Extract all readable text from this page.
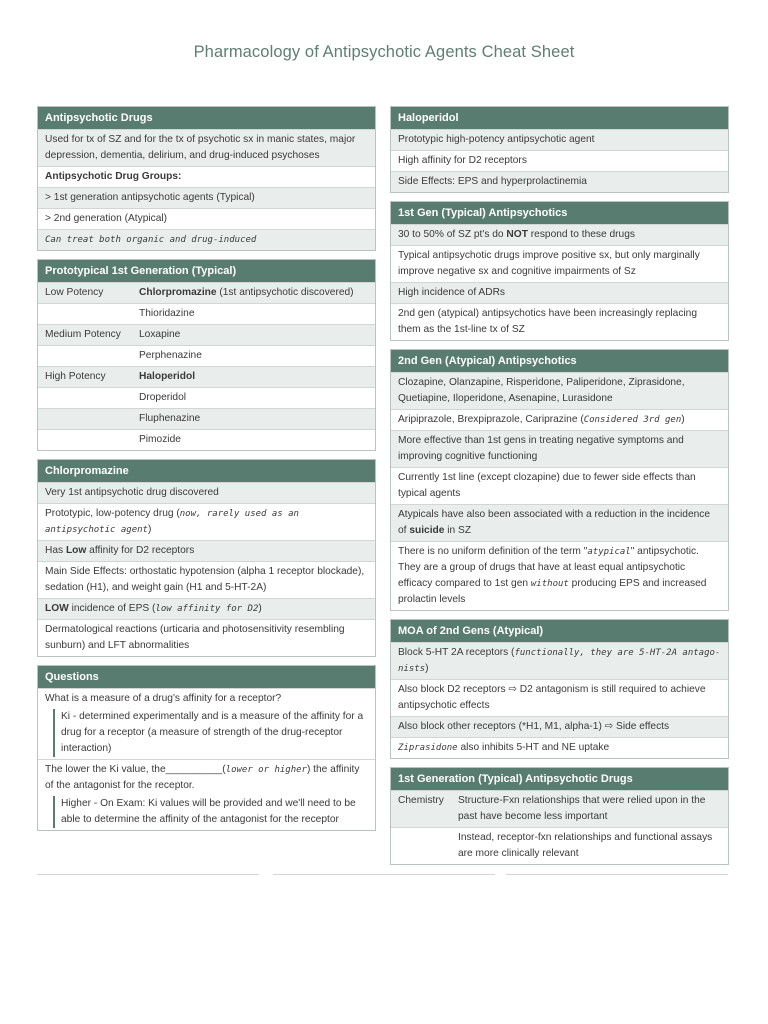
Pharmacology of Antipsychotic Agents Cheat Sheet
Antipsychotic Drugs
Used for tx of SZ and for the tx of psychotic sx in manic states, major depression, dementia, delirium, and drug-induced psychoses
Antipsychotic Drug Groups:
> 1st generation antipsychotic agents (Typical)
> 2nd generation (Atypical)
Can treat both organic and drug-induced
Prototypical 1st Generation (Typical)
Low Potency	Chlorpromazine (1st antipsychotic discovered)
Thioridazine
Medium Potency	Loxapine
Perphenazine
High Potency	Haloperidol
Droperidol
Fluphenazine
Pimozide
Chlorpromazine
Very 1st antipsychotic drug discovered
Prototypic, low-potency drug (now, rarely used as an antipsychotic agent)
Has Low affinity for D2 receptors
Main Side Effects: orthostatic hypotension (alpha 1 receptor blockade), sedation (H1), and weight gain (H1 and 5-HT-2A)
LOW incidence of EPS (low affinity for D2)
Dermatological reactions (urticaria and photosensitivity resembling sunburn) and LFT abnormalities
Questions
What is a measure of a drug's affinity for a receptor?
Ki - determined experimentally and is a measure of the affinity for a drug for a receptor (a measure of strength of the drug-receptor interaction)
The lower the Ki value, the__________(lower or higher) the affinity of the antagonist for the receptor.
Higher - On Exam: Ki values will be provided and we'll need to be able to determine the affinity of the antagonist for the receptor
Haloperidol
Prototypic high-potency antipsychotic agent
High affinity for D2 receptors
Side Effects: EPS and hyperprolactinemia
1st Gen (Typical) Antipsychotics
30 to 50% of SZ pt's do NOT respond to these drugs
Typical antipsychotic drugs improve positive sx, but only marginally improve negative sx and cognitive impairments of Sz
High incidence of ADRs
2nd gen (atypical) antipsychotics have been increasingly replacing them as the 1st-line tx of SZ
2nd Gen (Atypical) Antipsychotics
Clozapine, Olanzapine, Risperidone, Paliperidone, Ziprasidone, Quetiapine, Iloperidone, Asenapine, Lurasidone
Aripiprazole, Brexpiprazole, Cariprazine (Considered 3rd gen)
More effective than 1st gens in treating negative symptoms and improving cognitive functioning
Currently 1st line (except clozapine) due to fewer side effects than typical agents
Atypicals have also been associated with a reduction in the incidence of suicide in SZ
There is no uniform definition of the term "atypical" antipsychotic. They are a group of drugs that have at least equal antipsychotic efficacy compared to 1st gen without producing EPS and increased prolactin levels
MOA of 2nd Gens (Atypical)
Block 5-HT 2A receptors (functionally, they are 5-HT-2A antago-nists)
Also block D2 receptors ⇨ D2 antagonism is still required to achieve antipsychotic effects
Also block other receptors (*H1, M1, alpha-1) ⇨ Side effects
Ziprasidone also inhibits 5-HT and NE uptake
1st Generation (Typical) Antipsychotic Drugs
Chemistry	Structure-Fxn relationships that were relied upon in the past have become less important
Instead, receptor-fxn relationships and functional assays are more clinically relevant
